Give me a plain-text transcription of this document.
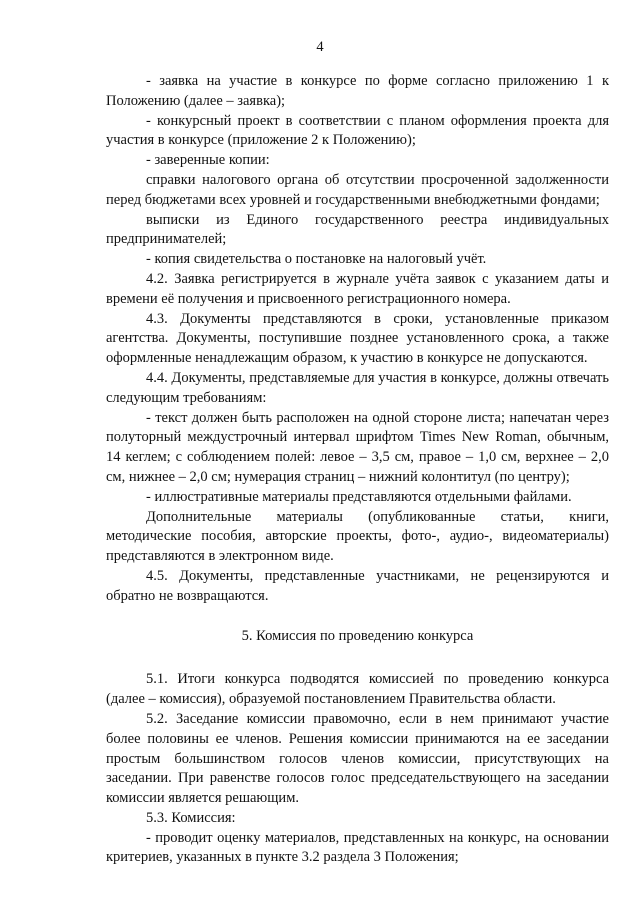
4

- заявка на участие в конкурсе по форме согласно приложению 1 к Положению (далее – заявка);

- конкурсный проект в соответствии с планом оформления проекта для участия в конкурсе (приложение 2 к Положению);

- заверенные копии:

справки налогового органа об отсутствии просроченной задолженности перед бюджетами всех уровней и государственными внебюджетными фондами;

выписки из Единого государственного реестра индивидуальных предпринимателей;

- копия свидетельства о постановке на налоговый учёт.

4.2. Заявка регистрируется в журнале учёта заявок с указанием даты и времени её получения и присвоенного регистрационного номера.

4.3. Документы представляются в сроки, установленные приказом агентства. Документы, поступившие позднее установленного срока, а также оформленные ненадлежащим образом, к участию в конкурсе не допускаются.

4.4. Документы, представляемые для участия в конкурсе, должны отвечать следующим требованиям:

- текст должен быть расположен на одной стороне листа; напечатан через полуторный междустрочный интервал шрифтом Times New Roman, обычным, 14 кеглем; с соблюдением полей: левое – 3,5 см, правое – 1,0 см, верхнее – 2,0 см, нижнее – 2,0 см; нумерация страниц – нижний колонтитул (по центру);

- иллюстративные материалы представляются отдельными файлами.

Дополнительные материалы (опубликованные статьи, книги, методические пособия, авторские проекты, фото-, аудио-, видеоматериалы) представляются в электронном виде.

4.5. Документы, представленные участниками, не рецензируются и обратно не возвращаются.

5. Комиссия по проведению конкурса

5.1. Итоги конкурса подводятся комиссией по проведению конкурса (далее – комиссия), образуемой постановлением Правительства области.

5.2. Заседание комиссии правомочно, если в нем принимают участие более половины ее членов. Решения комиссии принимаются на ее заседании простым большинством голосов членов комиссии, присутствующих на заседании. При равенстве голосов голос председательствующего на заседании комиссии является решающим.

5.3. Комиссия:

- проводит оценку материалов, представленных на конкурс, на основании критериев, указанных в пункте 3.2 раздела 3 Положения;
